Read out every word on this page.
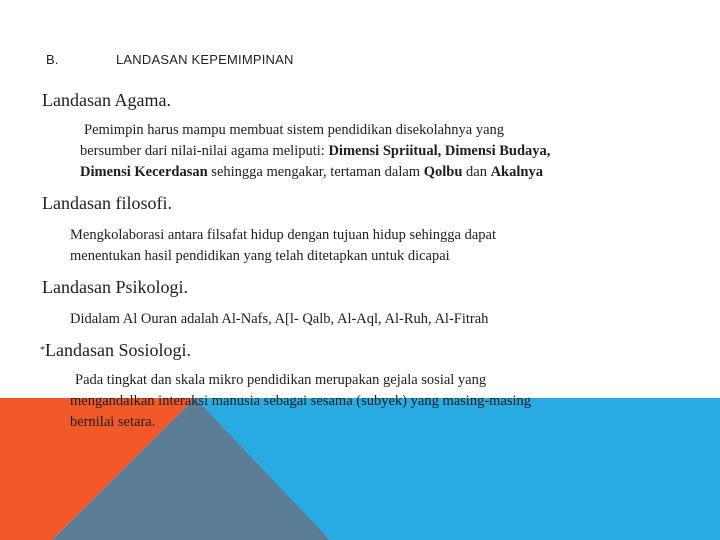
B.	LANDASAN KEPEMIMPINAN
Landasan Agama.
Pemimpin harus mampu membuat sistem pendidikan disekolahnya yang
bersumber dari nilai-nilai agama meliputi: Dimensi Spriitual, Dimensi Budaya,
Dimensi Kecerdasan sehingga mengakar, tertaman dalam Qolbu dan Akalnya
Landasan filosofi.
Mengkolaborasi antara filsafat hidup dengan tujuan hidup sehingga dapat
menentukan hasil pendidikan yang telah ditetapkan untuk dicapai
Landasan Psikologi.
Didalam Al Ouran adalah Al-Nafs, A[l- Qalb, Al-Aql, Al-Ruh, Al-Fitrah
*Landasan Sosiologi.
Pada tingkat dan skala mikro pendidikan merupakan gejala sosial yang
mengandalkan interaksi manusia sebagai sesama (subyek) yang masing-masing
bernilai setara.
